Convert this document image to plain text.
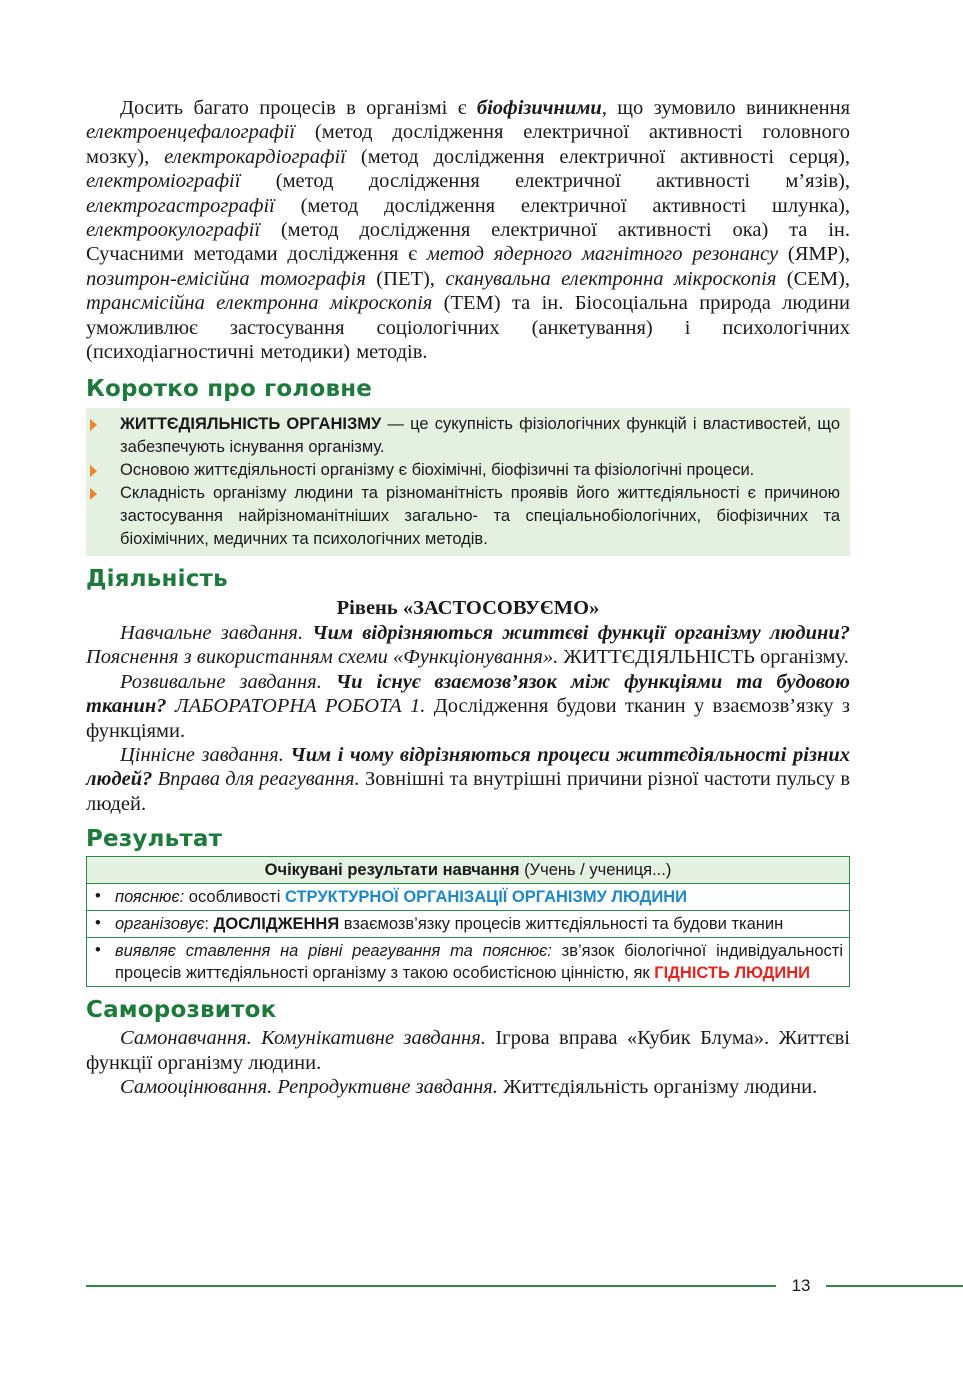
Досить багато процесів в організмі є біофізичними, що зумовило виникнення електроенцефалографії (метод дослідження електричної активності головного мозку), електрокардіографії (метод дослідження електричної активності серця), електроміографії (метод дослідження електричної активності м’язів), електрогастрографії (метод дослідження електричної активності шлунка), електроокулографії (метод дослідження електричної активності ока) та ін. Сучасними методами дослідження є метод ядерного магнітного резонансу (ЯМР), позитрон-емісійна томографія (ПЕТ), сканувальна електронна мікроскопія (СЕМ), трансмісійна електронна мікроскопія (ТЕМ) та ін. Біосоціальна природа людини уможливлює застосування соціологічних (анкетування) і психологічних (психодіагностичні методики) методів.

Коротко про головне
ЖИТТЄДІЯЛЬНІСТЬ ОРГАНІЗМУ — це сукупність фізіологічних функцій і властивостей, що забезпечують існування організму.
Основою життєдіяльності організму є біохімічні, біофізичні та фізіологічні процеси.
Складність організму людини та різноманітність проявів його життєдіяльності є причиною застосування найрізноманітніших загально- та спеціальнобіологічних, біофізичних та біохімічних, медичних та психологічних методів.
Діяльність
Рівень «ЗАСТОСОВУЄМО»

Навчальне завдання. Чим відрізняються життєві функції організму людини? Пояснення з використанням схеми «Функціонування». ЖИТТЄДІЯЛЬНІСТЬ організму.

Розвивальне завдання. Чи існує взаємозв’язок між функціями та будовою тканин? ЛАБОРАТОРНА РОБОТА 1. Дослідження будови тканин у взаємозв’язку з функціями.

Ціннісне завдання. Чим і чому відрізняються процеси життєдіяльності різних людей? Вправа для реагування. Зовнішні та внутрішні причини різної частоти пульсу в людей.

Результат
Очікувані результати навчання (Учень / учениця...)

• пояснює: особливості СТРУКТУРНОЇ ОРГАНІЗАЦІЇ ОРГАНІЗМУ ЛЮДИНИ

• організовує: ДОСЛІДЖЕННЯ взаємозв’язку процесів життєдіяльності та будови тканин

• виявляє ставлення на рівні реагування та пояснює: зв’язок біологічної індивідуальності процесів життєдіяльності організму з такою особистісною цінністю, як ГІДНІСТЬ ЛЮДИНИ
Саморозвиток

Самонавчання. Комунікативне завдання. Ігрова вправа «Кубик Блума». Життєві функції організму людини.

Самооцінювання. Репродуктивне завдання. Життєдіяльність організму людини.

13
